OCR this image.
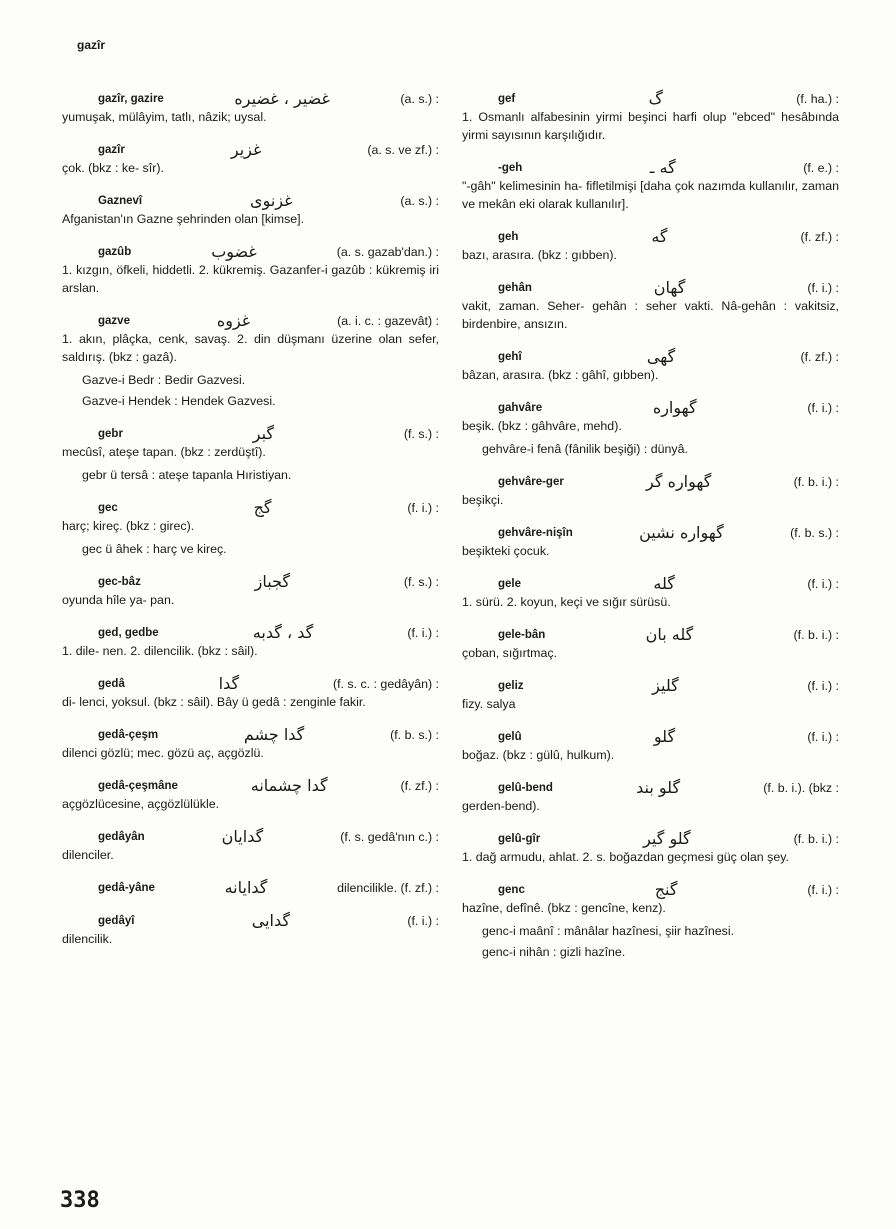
gazîr
gazîr, gazire	غضير ، غضيره	(a. s.) :
yumuşak, mülâyim, tatlı, nâzik; uysal.
gazîr	غزير	(a. s. ve zf.) :
çok. (bkz : ke- sîr).
Gaznevî	غزنوى	(a. s.) :
Afganistan'ın Gazne şehrinden olan [kimse].
gazûb	غضوب	(a. s. gazab'dan.) :
1. kızgın, öfkeli, hiddetli. 2. kükremiş. Gazanfer-i gazûb : kükremiş iri arslan.
gazve	غزوه	(a. i. c. : gazevât) :
1. akın, plâçka, cenk, savaş. 2. din düşmanı üzerine olan sefer, saldırış. (bkz : gazâ).
Gazve-i Bedr : Bedir Gazvesi.
Gazve-i Hendek : Hendek Gazvesi.
gebr	گبر	(f. s.) :
mecûsî, ateşe tapan. (bkz : zerdüştî).
gebr ü tersâ : ateşe tapanla Hıristiyan.
gec	گج	(f. i.) :
harç; kireç. (bkz : girec).
gec ü âhek : harç ve kireç.
gec-bâz	گجباز	(f. s.) :
oyunda hîle ya- pan.
ged, gedbe	گد ، گدبه	(f. i.) :
1. dile- nen. 2. dilencilik. (bkz : sâil).
gedâ	گدا	(f. s. c. : gedâyân) :
di- lenci, yoksul. (bkz : sâil). Bây ü gedâ : zenginle fakir.
gedâ-çeşm	گدا چشم	(f. b. s.) :
dilenci gözlü; mec. gözü aç, açgözlü.
gedâ-çeşmâne	گدا چشمانه	(f. zf.) :
açgözlücesine, açgözlülükle.
gedâyân	گدايان	(f. s. gedâ'nın c.) :
dilenciler.
gedâ-yâne	گدايانه	dilencilikle. (f. zf.) :
gedâyî	گدايى	(f. i.) :
dilencilik.
gef	گ	(f. ha.) :
1. Osmanlı alfabesinin yirmi beşinci harfi olup "ebced" hesâbında yirmi sayısının karşılığıdır.
-geh	گه ـ	(f. e.) :
"-gâh" kelimesinin ha- fifletilmişi [daha çok nazımda kullanılır, zaman ve mekân eki olarak kullanılır].
geh	گه	(f. zf.) :
bazı, arasıra. (bkz : gıbben).
gehân	گهان	(f. i.) :
vakit, zaman. Seher- gehân : seher vakti. Nâ-gehân : vakitsiz, birdenbire, ansızın.
gehî	گهى	(f. zf.) :
bâzan, arasıra. (bkz : gâhî, gıbben).
gahvâre	گهواره	(f. i.) :
beşik. (bkz : gâhvâre, mehd).
gehvâre-i fenâ (fânilik beşiği) : dünyâ.
gehvâre-ger	گهواره گر	(f. b. i.) :
beşikçi.
gehvâre-nişîn	گهواره نشين	(f. b. s.) :
beşikteki çocuk.
gele	گله	(f. i.) :
1. sürü. 2. koyun, keçi ve sığır sürüsü.
gele-bân	گله بان	(f. b. i.) :
çoban, sığırtmaç.
geliz	گليز	(f. i.) :
fizy. salya
gelû	گلو	(f. i.) :
boğaz. (bkz : gülû, hulkum).
gelû-bend	گلو بند	(f. b. i.). (bkz :
gerden-bend).
gelû-gîr	گلو گير	(f. b. i.) :
1. dağ armudu, ahlat. 2. s. boğazdan geçmesi güç olan şey.
genc	گنج	(f. i.) :
hazîne, defînê. (bkz : gencîne, kenz).
genc-i maânî : mânâlar hazînesi, şiir hazînesi.
genc-i nihân : gizli hazîne.
338
